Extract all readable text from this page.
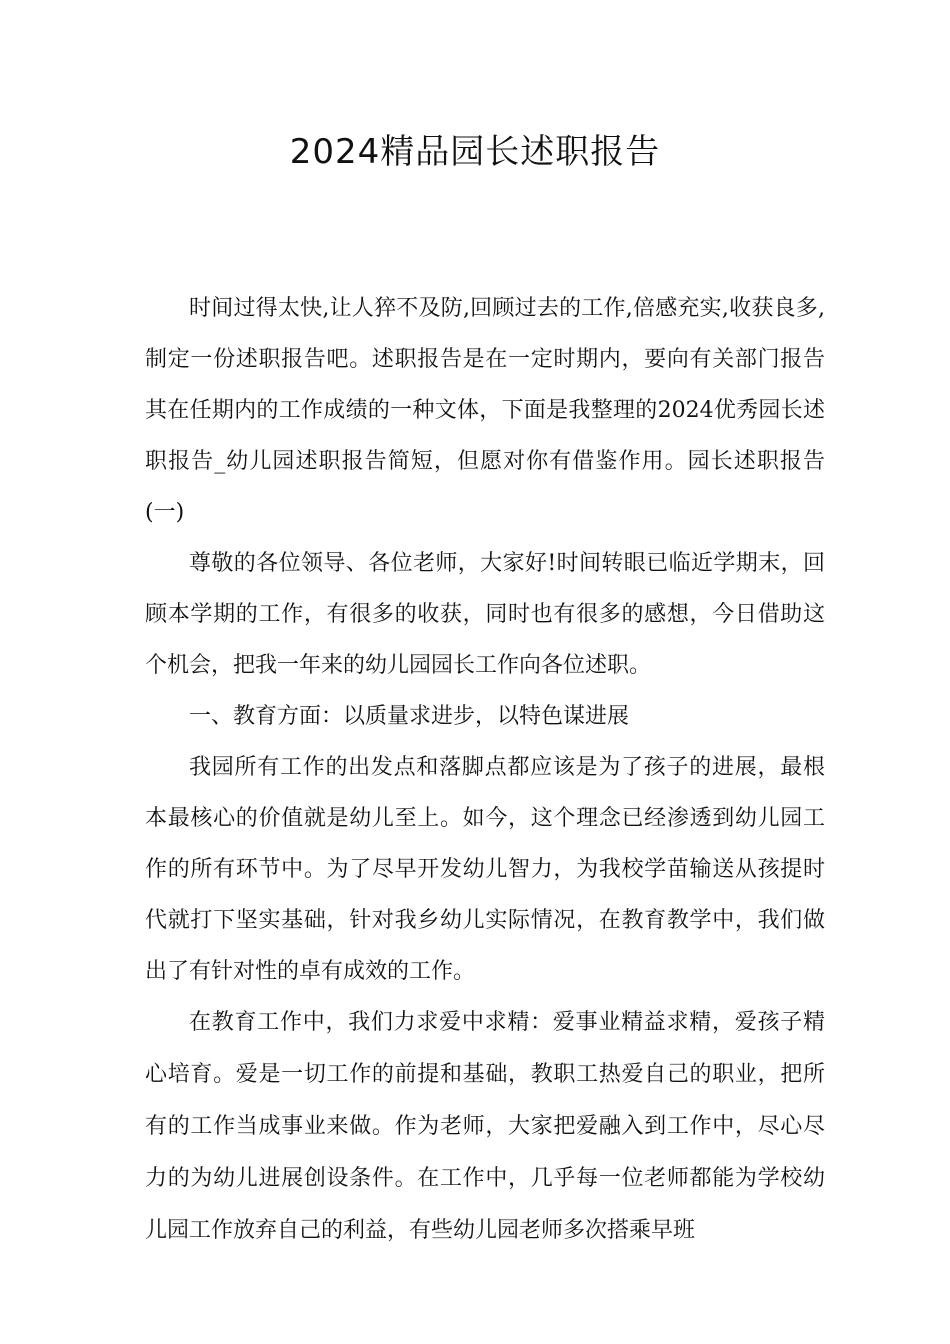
2024精品园长述职报告

时间过得太快,让人猝不及防,回顾过去的工作,倍感充实,收获良多,制定一份述职报告吧。述职报告是在一定时期内，要向有关部门报告其在任期内的工作成绩的一种文体，下面是我整理的2024优秀园长述职报告_幼儿园述职报告简短，但愿对你有借鉴作用。园长述职报告(一)

尊敬的各位领导、各位老师，大家好!时间转眼已临近学期末，回顾本学期的工作，有很多的收获，同时也有很多的感想，今日借助这个机会，把我一年来的幼儿园园长工作向各位述职。

一、教育方面：以质量求进步，以特色谋进展

我园所有工作的出发点和落脚点都应该是为了孩子的进展，最根本最核心的价值就是幼儿至上。如今，这个理念已经渗透到幼儿园工作的所有环节中。为了尽早开发幼儿智力，为我校学苗输送从孩提时代就打下坚实基础，针对我乡幼儿实际情况，在教育教学中，我们做出了有针对性的卓有成效的工作。

在教育工作中，我们力求爱中求精：爱事业精益求精，爱孩子精心培育。爱是一切工作的前提和基础，教职工热爱自己的职业，把所有的工作当成事业来做。作为老师，大家把爱融入到工作中，尽心尽力的为幼儿进展创设条件。在工作中，几乎每一位老师都能为学校幼儿园工作放弃自己的利益，有些幼儿园老师多次搭乘早班
